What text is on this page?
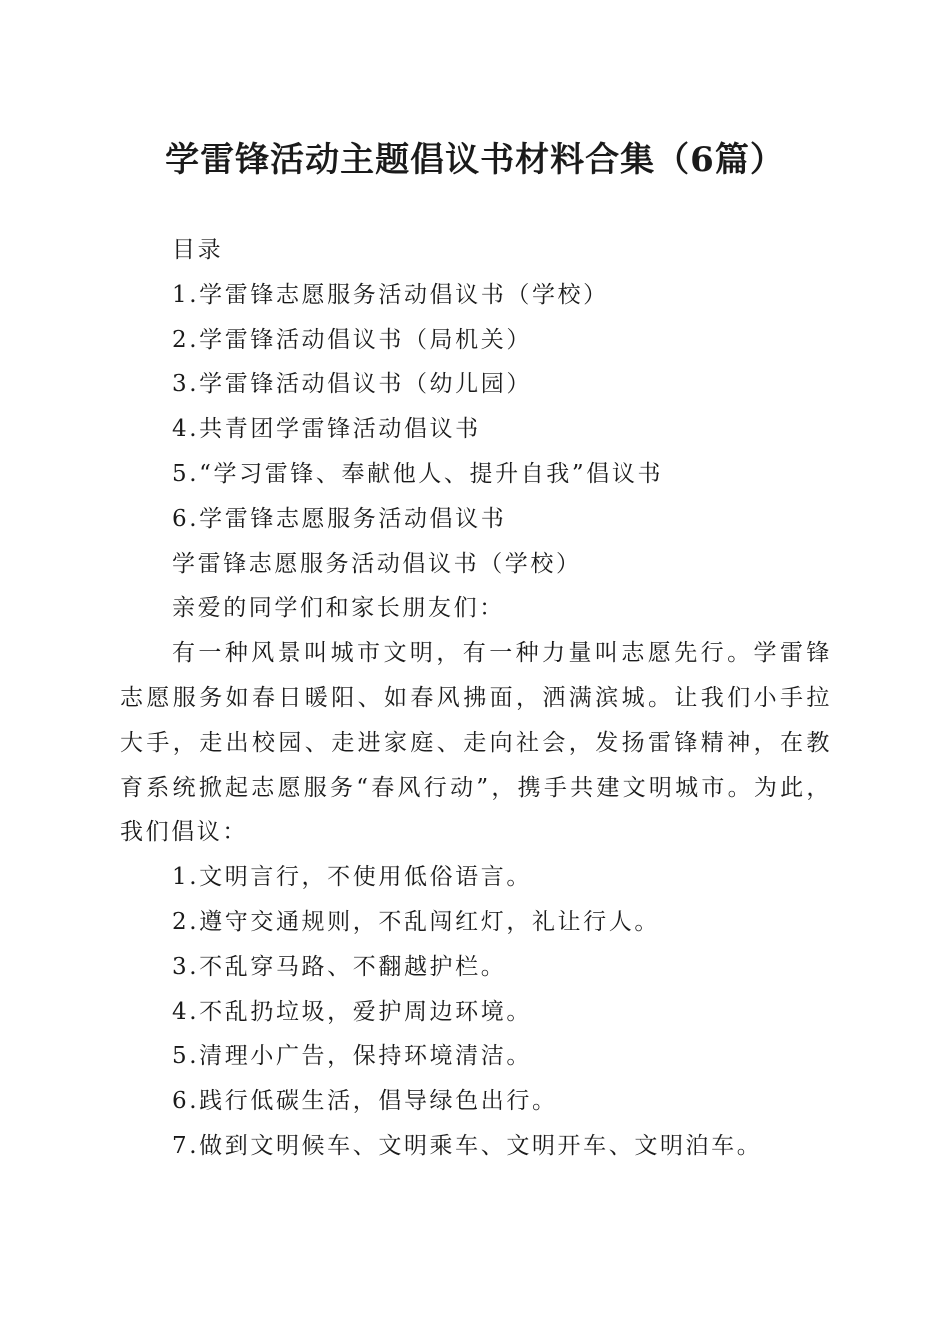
学雷锋活动主题倡议书材料合集（6篇）

目录

1.学雷锋志愿服务活动倡议书（学校）

2.学雷锋活动倡议书（局机关）

3.学雷锋活动倡议书（幼儿园）

4.共青团学雷锋活动倡议书

5.“学习雷锋、奉献他人、提升自我”倡议书

6.学雷锋志愿服务活动倡议书

学雷锋志愿服务活动倡议书（学校）

亲爱的同学们和家长朋友们：

有一种风景叫城市文明，有一种力量叫志愿先行。学雷锋志愿服务如春日暖阳、如春风拂面，洒满滨城。让我们小手拉大手，走出校园、走进家庭、走向社会，发扬雷锋精神，在教育系统掀起志愿服务“春风行动”，携手共建文明城市。为此，我们倡议：

1.文明言行，不使用低俗语言。

2.遵守交通规则，不乱闯红灯，礼让行人。

3.不乱穿马路、不翻越护栏。

4.不乱扔垃圾，爱护周边环境。

5.清理小广告，保持环境清洁。

6.践行低碳生活，倡导绿色出行。

7.做到文明候车、文明乘车、文明开车、文明泊车。
